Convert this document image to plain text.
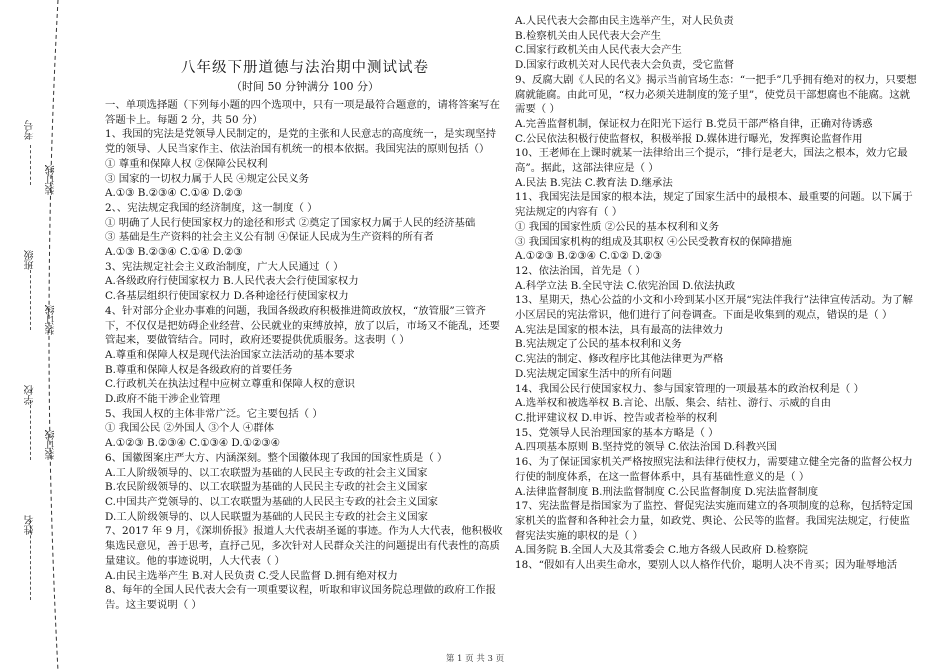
考号
装订线
班级
装订线
学校
装订线
姓名
八年级下册道德与法治期中测试试卷
（时间 50 分钟满分 100 分）

一、单项选择题（下列每小题的四个选项中，只有一项是最符合题意的，请将答案写在答题卡上。每题 2 分，共 50 分）

1、我国的宪法是党领导人民制定的，是党的主张和人民意志的高度统一，是实现坚持党的领导、人民当家作主、依法治国有机统一的根本依据。我国宪法的原则包括（）

① 尊重和保障人权 ②保障公民权利

③ 国家的一切权力属于人民 ④规定公民义务

A.①③ B.②③④ C.①④ D.②③

2、、宪法规定我国的经济制度，这一制度（ ）

① 明确了人民行使国家权力的途径和形式 ②奠定了国家权力属于人民的经济基础

③ 基础是生产资料的社会主义公有制 ④保证人民成为生产资料的所有者

A.①③ B.②③④ C.①④ D.②③

3、宪法规定社会主义政治制度，广大人民通过（ ）

A.各级政府行使国家权力 B.人民代表大会行使国家权力

C.各基层组织行使国家权力 D.各种途径行使国家权力

4、针对部分企业办事难的问题，我国各级政府积极推进简政放权，“放管服”三管齐下，不仅仅是把妨碍企业经营、公民就业的束缚放掉，放了以后，市场又不能乱，还要管起来，要做管结合。同时，政府还要提供优质服务。这表明（ ）

A.尊重和保障人权是现代法治国家立法活动的基本要求

B.尊重和保障人权是各级政府的首要任务

C.行政机关在执法过程中应树立尊重和保障人权的意识

D.政府不能干涉企业管理

5、我国人权的主体非常广泛。它主要包括（ ）

① 我国公民 ②外国人 ③个人 ④群体

A.①②③ B.②③④ C.①③④ D.①②③④

6、国徽图案庄严大方、内涵深刻。整个国徽体现了我国的国家性质是（ ）

A.工人阶级领导的、以工农联盟为基础的人民民主专政的社会主义国家

B.农民阶级领导的、以工农联盟为基础的人民民主专政的社会主义国家

C.中国共产党领导的、以工农联盟为基础的人民民主专政的社会主义国家

D.工人阶级领导的、以人民联盟为基础的人民民主专政的社会主义国家

7、2017 年 9 月，《深圳侨报》报道人大代表胡圣诞的事迹。作为人大代表，他积极收集选民意见，善于思考，直抒己见，多次针对人民群众关注的问题提出有代表性的高质量建议。他的事迹说明，人大代表（ ）

A.由民主选举产生 B.对人民负责 C.受人民监督 D.拥有绝对权力

8、每年的全国人民代表大会有一项重要议程，听取和审议国务院总理做的政府工作报告。这主要说明（ ）

A.人民代表大会都由民主选举产生，对人民负责

B.检察机关由人民代表大会产生

C.国家行政机关由人民代表大会产生

D.国家行政机关对人民代表大会负责，受它监督

9、反腐大剧《人民的名义》揭示当前官场生态：“一把手”几乎拥有绝对的权力，只要想腐就能腐。由此可见，“权力必须关进制度的笼子里”，使党员干部想腐也不能腐。这就需要（ ）

A.完善监督机制，保证权力在阳光下运行 B.党员干部严格自律，正确对待诱惑

C.公民依法积极行使监督权，积极举报 D.媒体进行曝光，发挥舆论监督作用

10、王老师在上课时就某一法律给出三个提示，“排行是老大，国法之根本，效力它最高”。据此，这部法律应是（ ）

A.民法 B.宪法 C.教育法 D.继承法

11、我国宪法是国家的根本法，规定了国家生活中的最根本、最重要的问题。以下属于宪法规定的内容有（ ）

① 我国的国家性质 ②公民的基本权利和义务

③ 我国国家机构的组成及其职权 ④公民受教育权的保障措施

A.①②③ B.②③④ C.①② D.②③

12、依法治国，首先是（ ）

A.科学立法 B.全民守法 C.依宪治国 D.依法执政

13、星期天，热心公益的小文和小玲到某小区开展“宪法伴我行”法律宣传活动。为了解小区居民的宪法常识，他们进行了问卷调查。下面是收集到的观点，错误的是（ ）

A.宪法是国家的根本法，具有最高的法律效力

B.宪法规定了公民的基本权利和义务

C.宪法的制定、修改程序比其他法律更为严格

D.宪法规定国家生活中的所有问题

14、我国公民行使国家权力、参与国家管理的一项最基本的政治权利是（ ）

A.选举权和被选举权 B.言论、出版、集会、结社、游行、示威的自由

C.批评建议权 D.申诉、控告或者检举的权利

15、党领导人民治理国家的基本方略是（ ）

A.四项基本原则 B.坚持党的领导 C.依法治国 D.科教兴国

16、为了保证国家机关严格按照宪法和法律行使权力，需要建立健全完备的监督公权力行使的制度体系，在这一监督体系中，具有基础性意义的是（ ）

A.法律监督制度 B.刑法监督制度 C.公民监督制度 D.宪法监督制度

17、宪法监督是指国家为了监控、督促宪法实施而建立的各项制度的总称，包括特定国家机关的监督和各种社会力量，如政党、舆论、公民等的监督。我国宪法规定，行使监督宪法实施的职权的是（ ）

A.国务院 B.全国人大及其常委会 C.地方各级人民政府 D.检察院

18、“假如有人出卖生命水，要别人以人格作代价，聪明人决不肯买；因为耻辱地活

第 1 页 共 3 页
